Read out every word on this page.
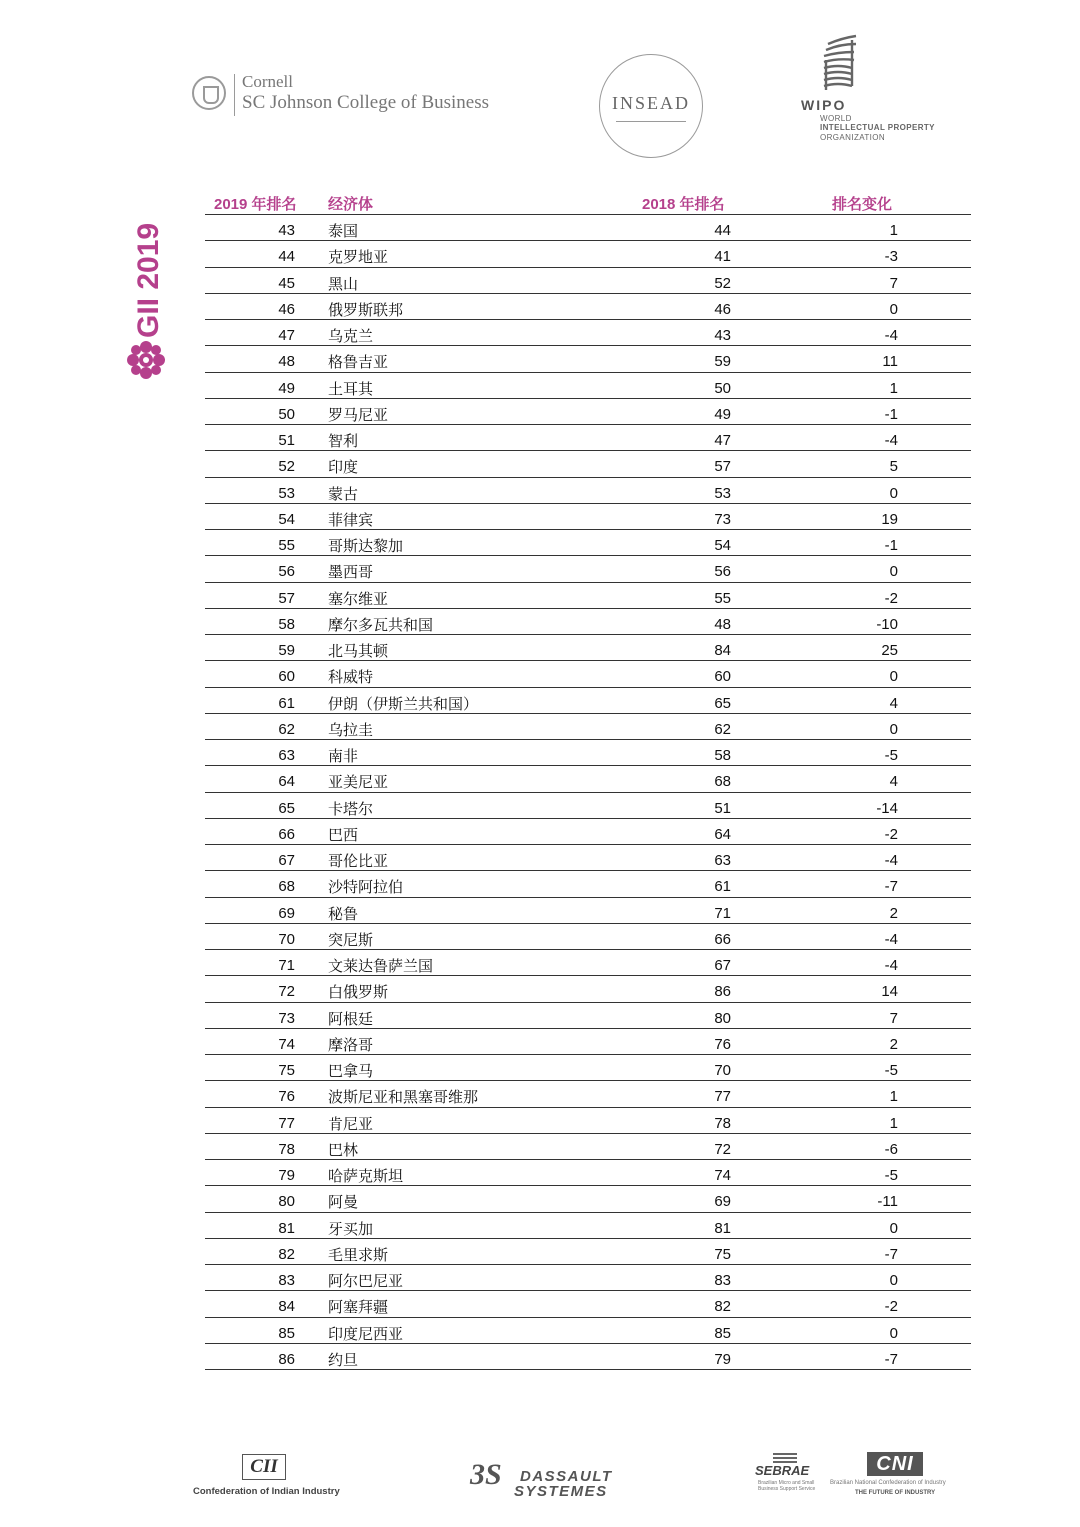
Cornell
SC Johnson College of Business	INSEAD	WIPO
WORLD
INTELLECTUAL PROPERTY
ORGANIZATION
GII 2019
2019 年排名 经济体	2018 年排名	排名变化
43 泰国	44	1
44 克罗地亚	41	-3
45 黑山	52	7
46 俄罗斯联邦	46	0
47 乌克兰	43	-4
48 格鲁吉亚	59	11
49 土耳其	50	1
50 罗马尼亚	49	-1
51 智利	47	-4
52 印度	57	5
53 蒙古	53	0
54 菲律宾	73	19
55 哥斯达黎加	54	-1
56 墨西哥	56	0
57 塞尔维亚	55	-2
58 摩尔多瓦共和国	48	-10
59 北马其顿	84	25
60 科威特	60	0
61 伊朗（伊斯兰共和国）	65	4
62 乌拉圭	62	0
63 南非	58	-5
64 亚美尼亚	68	4
65 卡塔尔	51	-14
66 巴西	64	-2
67 哥伦比亚	63	-4
68 沙特阿拉伯	61	-7
69 秘鲁	71	2
70 突尼斯	66	-4
71 文莱达鲁萨兰国	67	-4
72 白俄罗斯	86	14
73 阿根廷	80	7
74 摩洛哥	76	2
75 巴拿马	70	-5
76 波斯尼亚和黑塞哥维那	77	1
77 肯尼亚	78	1
78 巴林	72	-6
79 哈萨克斯坦	74	-5
80 阿曼	69	-11
81 牙买加	81	0
82 毛里求斯	75	-7
83 阿尔巴尼亚	83	0
84 阿塞拜疆	82	-2
85 印度尼西亚	85	0
86 约旦	79	-7
CII
Confederation of Indian Industry
3S DASSAULT
SYSTEMES
SEBRAE
Brazilian Micro and Small
Business Support Service
CNI
Brazilian National Confederation of Industry
THE FUTURE OF INDUSTRY
